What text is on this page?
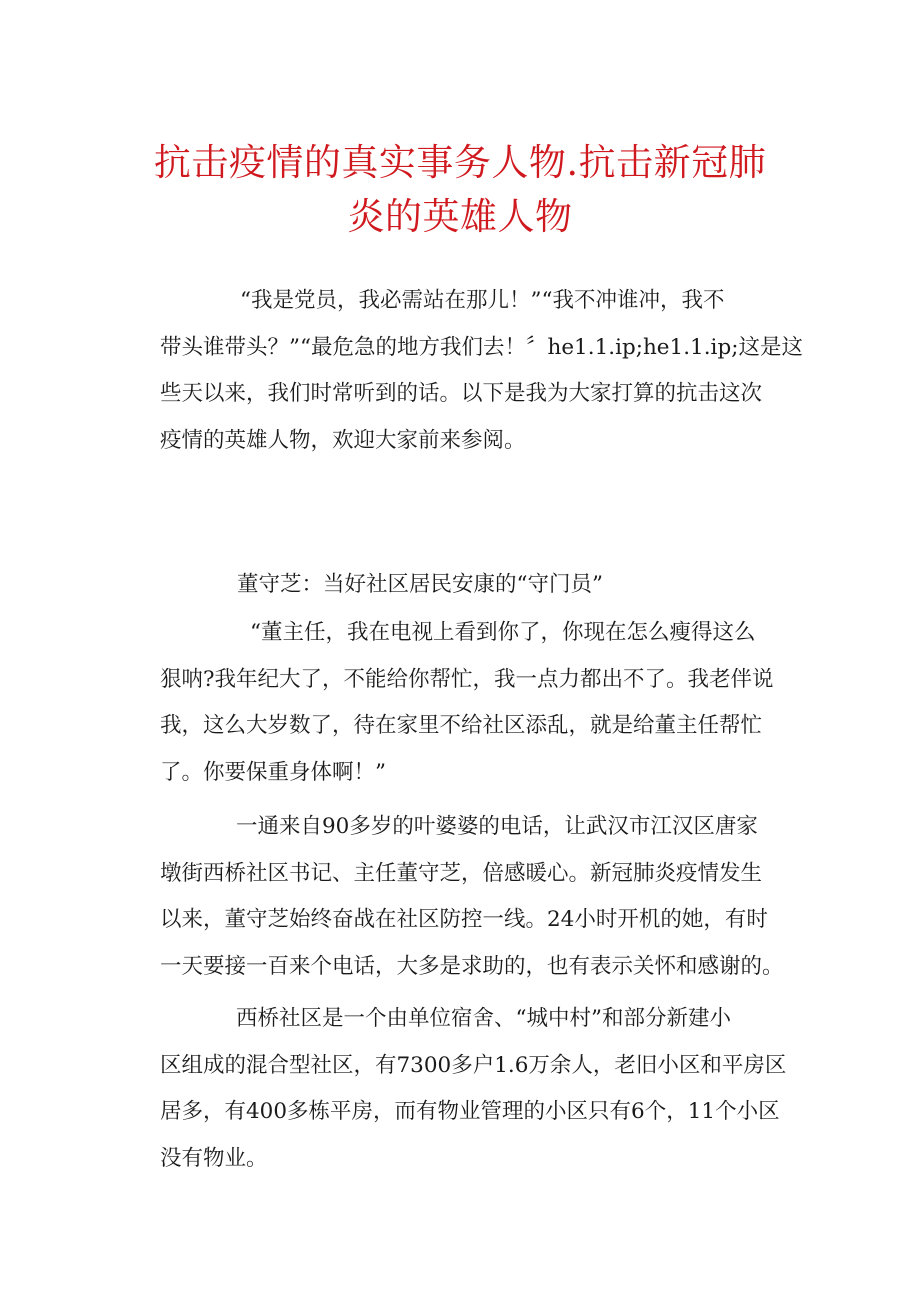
抗击疫情的真实事务人物.抗击新冠肺
炎的英雄人物
“我是党员，我必需站在那儿！”“我不冲谁冲，我不
带头谁带头？”“最危急的地方我们去！〞he1.1.ip;he1.1.ip;这是这
些天以来，我们时常听到的话。以下是我为大家打算的抗击这次
疫情的英雄人物，欢迎大家前来参阅。
董守芝：当好社区居民安康的“守门员”
“董主任，我在电视上看到你了，你现在怎么瘦得这么
狠呐?我年纪大了，不能给你帮忙，我一点力都出不了。我老伴说
我，这么大岁数了，待在家里不给社区添乱，就是给董主任帮忙
了。你要保重身体啊！”
一通来自90多岁的叶婆婆的电话，让武汉市江汉区唐家
墩街西桥社区书记、主任董守芝，倍感暖心。新冠肺炎疫情发生
以来，董守芝始终奋战在社区防控一线。24小时开机的她，有时
一天要接一百来个电话，大多是求助的，也有表示关怀和感谢的。
西桥社区是一个由单位宿舍、“城中村”和部分新建小
区组成的混合型社区，有7300多户1.6万余人，老旧小区和平房区
居多，有400多栋平房，而有物业管理的小区只有6个，11个小区
没有物业。
